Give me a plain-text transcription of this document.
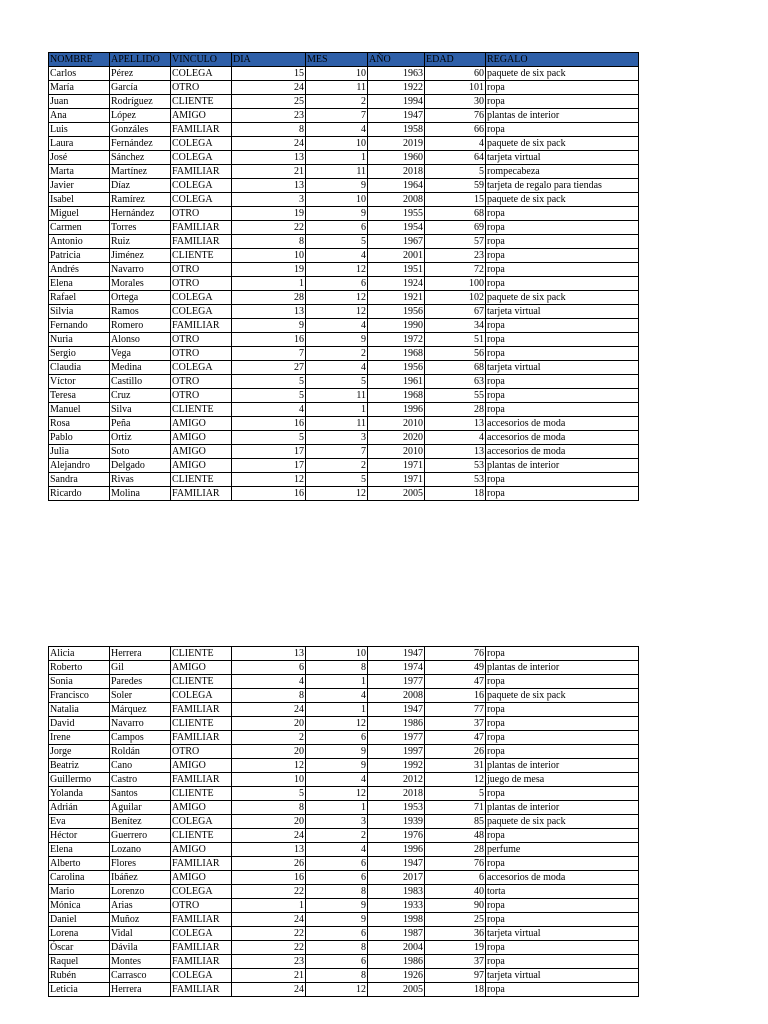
NOMBRE	APELLIDO	VINCULO	DIA	MES	AÑO	EDAD	REGALO
Carlos	Pérez	COLEGA	15	10	1963	60	paquete de six pack
María	García	OTRO	24	11	1922	101	ropa
Juan	Rodríguez	CLIENTE	25	2	1994	30	ropa
Ana	López	AMIGO	23	7	1947	76	plantas de interior
Luis	Gonzáles	FAMILIAR	8	4	1958	66	ropa
Laura	Fernández	COLEGA	24	10	2019	4	paquete de six pack
José	Sánchez	COLEGA	13	1	1960	64	tarjeta virtual
Marta	Martínez	FAMILIAR	21	11	2018	5	rompecabeza
Javier	Díaz	COLEGA	13	9	1964	59	tarjeta de regalo para tiendas
Isabel	Ramírez	COLEGA	3	10	2008	15	paquete de six pack
Miguel	Hernández	OTRO	19	9	1955	68	ropa
Carmen	Torres	FAMILIAR	22	6	1954	69	ropa
Antonio	Ruiz	FAMILIAR	8	5	1967	57	ropa
Patricia	Jiménez	CLIENTE	10	4	2001	23	ropa
Andrés	Navarro	OTRO	19	12	1951	72	ropa
Elena	Morales	OTRO	1	6	1924	100	ropa
Rafael	Ortega	COLEGA	28	12	1921	102	paquete de six pack
Silvia	Ramos	COLEGA	13	12	1956	67	tarjeta virtual
Fernando	Romero	FAMILIAR	9	4	1990	34	ropa
Nuria	Alonso	OTRO	16	9	1972	51	ropa
Sergio	Vega	OTRO	7	2	1968	56	ropa
Claudia	Medina	COLEGA	27	4	1956	68	tarjeta virtual
Víctor	Castillo	OTRO	5	5	1961	63	ropa
Teresa	Cruz	OTRO	5	11	1968	55	ropa
Manuel	Silva	CLIENTE	4	1	1996	28	ropa
Rosa	Peña	AMIGO	16	11	2010	13	accesorios de moda
Pablo	Ortiz	AMIGO	5	3	2020	4	accesorios de moda
Julia	Soto	AMIGO	17	7	2010	13	accesorios de moda
Alejandro	Delgado	AMIGO	17	2	1971	53	plantas de interior
Sandra	Rivas	CLIENTE	12	5	1971	53	ropa
Ricardo	Molina	FAMILIAR	16	12	2005	18	ropa
Alicia	Herrera	CLIENTE	13	10	1947	76	ropa
Roberto	Gil	AMIGO	6	8	1974	49	plantas de interior
Sonia	Paredes	CLIENTE	4	1	1977	47	ropa
Francisco	Soler	COLEGA	8	4	2008	16	paquete de six pack
Natalia	Márquez	FAMILIAR	24	1	1947	77	ropa
David	Navarro	CLIENTE	20	12	1986	37	ropa
Irene	Campos	FAMILIAR	2	6	1977	47	ropa
Jorge	Roldán	OTRO	20	9	1997	26	ropa
Beatriz	Cano	AMIGO	12	9	1992	31	plantas de interior
Guillermo	Castro	FAMILIAR	10	4	2012	12	juego de mesa
Yolanda	Santos	CLIENTE	5	12	2018	5	ropa
Adrián	Aguilar	AMIGO	8	1	1953	71	plantas de interior
Eva	Benítez	COLEGA	20	3	1939	85	paquete de six pack
Héctor	Guerrero	CLIENTE	24	2	1976	48	ropa
Elena	Lozano	AMIGO	13	4	1996	28	perfume
Alberto	Flores	FAMILIAR	26	6	1947	76	ropa
Carolina	Ibáñez	AMIGO	16	6	2017	6	accesorios de moda
Mario	Lorenzo	COLEGA	22	8	1983	40	torta
Mónica	Arias	OTRO	1	9	1933	90	ropa
Daniel	Muñoz	FAMILIAR	24	9	1998	25	ropa
Lorena	Vidal	COLEGA	22	6	1987	36	tarjeta virtual
Óscar	Dávila	FAMILIAR	22	8	2004	19	ropa
Raquel	Montes	FAMILIAR	23	6	1986	37	ropa
Rubén	Carrasco	COLEGA	21	8	1926	97	tarjeta virtual
Leticia	Herrera	FAMILIAR	24	12	2005	18	ropa
